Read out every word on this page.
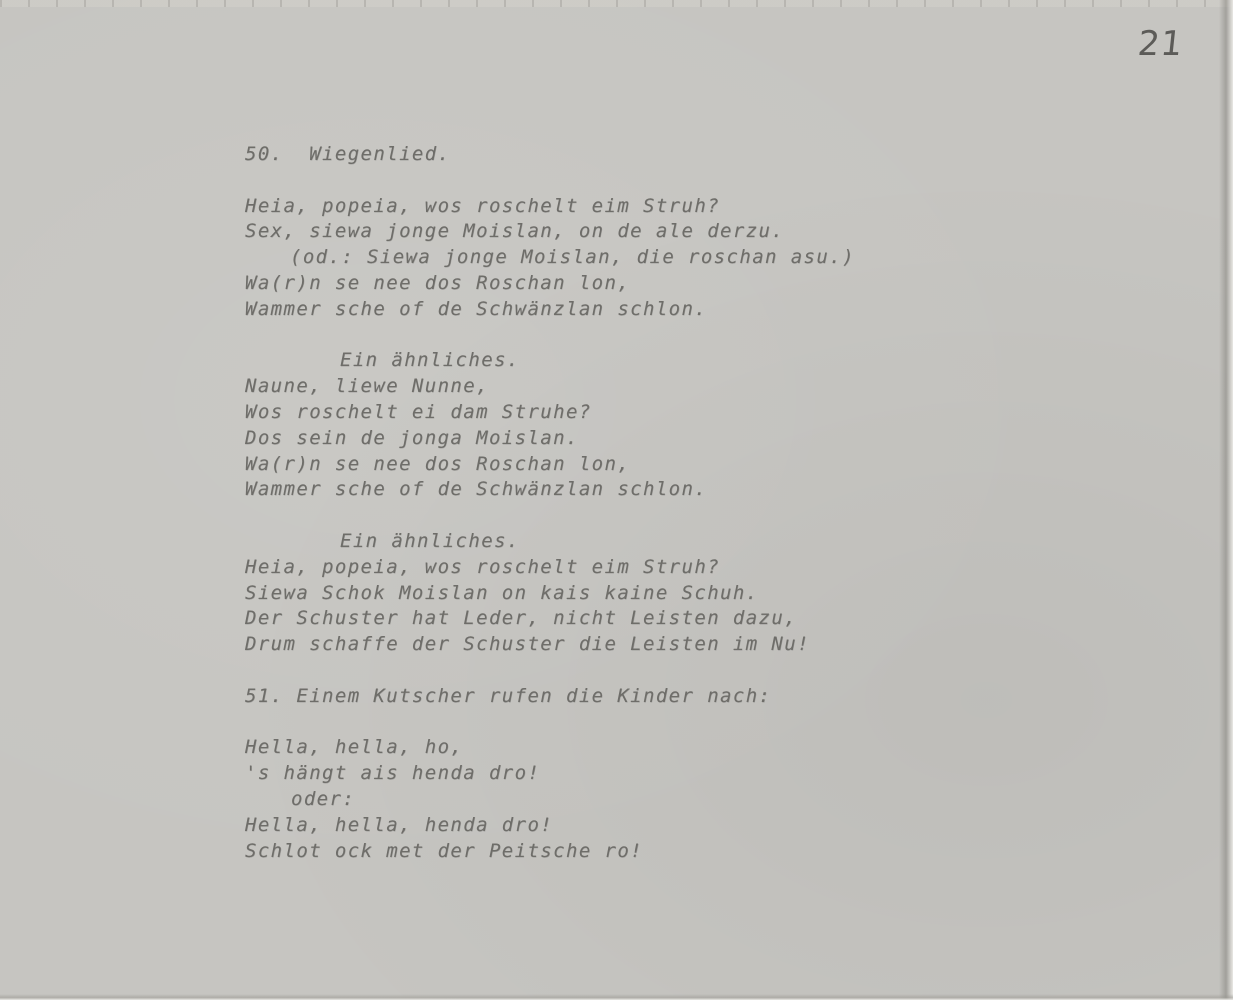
21
50.  Wiegenlied.
Heia, popeia, wos roschelt eim Struh?
Sex, siewa jonge Moislan, on de ale derzu.
(od.: Siewa jonge Moislan, die roschan asu.)
Wa(r)n se nee dos Roschan lon,
Wammer sche of de Schwänzlan schlon.
Ein ähnliches.
Naune, liewe Nunne,
Wos roschelt ei dam Struhe?
Dos sein de jonga Moislan.
Wa(r)n se nee dos Roschan lon,
Wammer sche of de Schwänzlan schlon.
Ein ähnliches.
Heia, popeia, wos roschelt eim Struh?
Siewa Schok Moislan on kais kaine Schuh.
Der Schuster hat Leder, nicht Leisten dazu,
Drum schaffe der Schuster die Leisten im Nu!
51. Einem Kutscher rufen die Kinder nach:
Hella, hella, ho,
's hängt ais henda dro!
oder:
Hella, hella, henda dro!
Schlot ock met der Peitsche ro!
